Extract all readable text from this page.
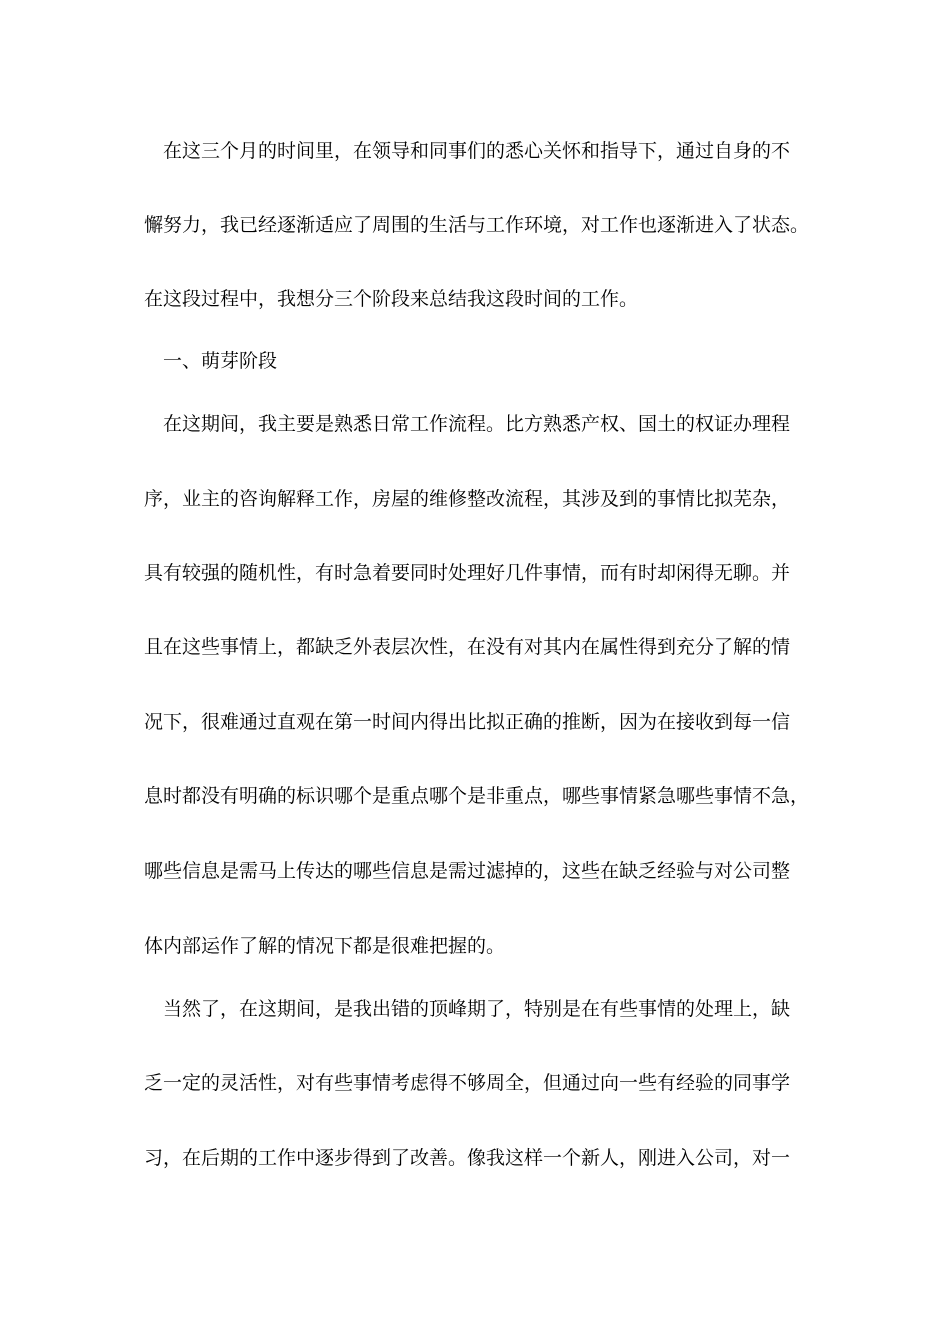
在这三个月的时间里，在领导和同事们的悉心关怀和指导下，通过自身的不
懈努力，我已经逐渐适应了周围的生活与工作环境，对工作也逐渐进入了状态。
在这段过程中，我想分三个阶段来总结我这段时间的工作。
一、萌芽阶段
在这期间，我主要是熟悉日常工作流程。比方熟悉产权、国土的权证办理程
序，业主的咨询解释工作，房屋的维修整改流程，其涉及到的事情比拟芜杂，
具有较强的随机性，有时急着要同时处理好几件事情，而有时却闲得无聊。并
且在这些事情上，都缺乏外表层次性，在没有对其内在属性得到充分了解的情
况下，很难通过直观在第一时间内得出比拟正确的推断，因为在接收到每一信
息时都没有明确的标识哪个是重点哪个是非重点，哪些事情紧急哪些事情不急，
哪些信息是需马上传达的哪些信息是需过滤掉的，这些在缺乏经验与对公司整
体内部运作了解的情况下都是很难把握的。
当然了，在这期间，是我出错的顶峰期了，特别是在有些事情的处理上，缺
乏一定的灵活性，对有些事情考虑得不够周全，但通过向一些有经验的同事学
习，在后期的工作中逐步得到了改善。像我这样一个新人，刚进入公司，对一
